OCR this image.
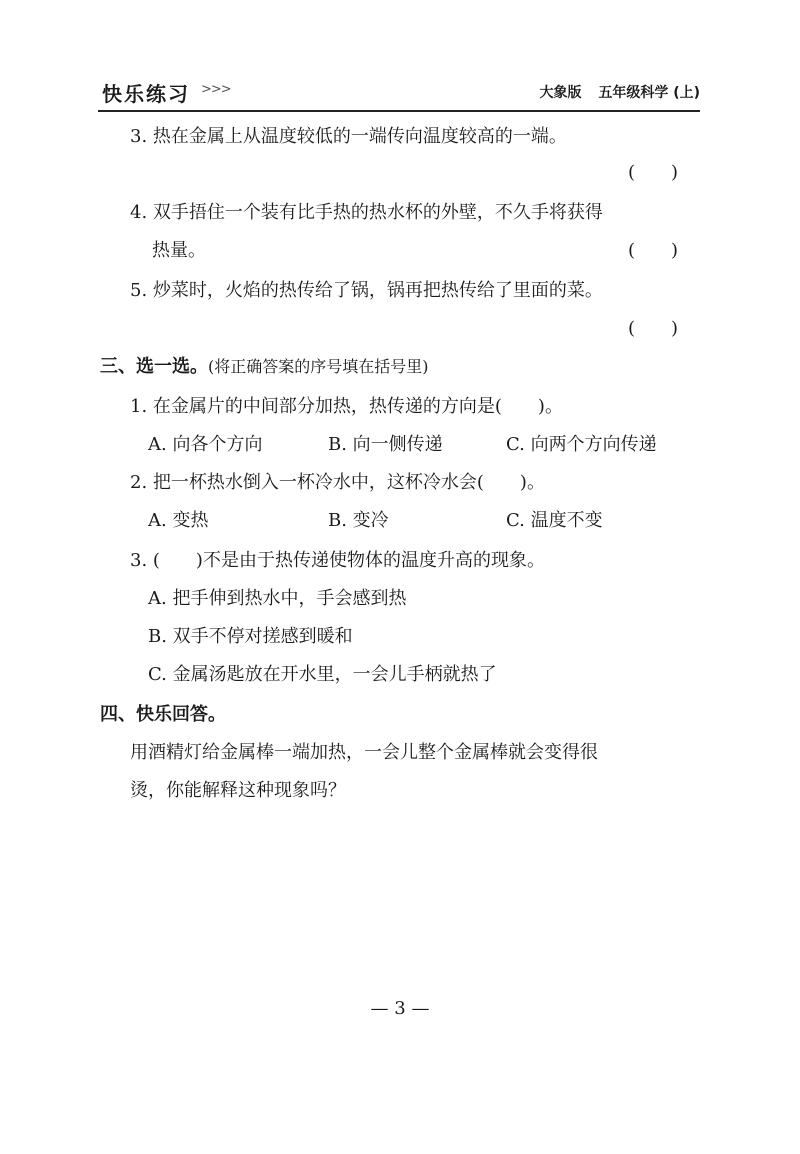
快乐练习 >>>	大象版 五年级科学 (上)
3. 热在金属上从温度较低的一端传向温度较高的一端。
(　　)
4. 双手捂住一个装有比手热的热水杯的外壁，不久手将获得
热量。	(　　)
5. 炒菜时，火焰的热传给了锅，锅再把热传给了里面的菜。
(　　)
三、选一选。(将正确答案的序号填在括号里)
1. 在金属片的中间部分加热，热传递的方向是(　　)。
A. 向各个方向	B. 向一侧传递	C. 向两个方向传递
2. 把一杯热水倒入一杯冷水中，这杯冷水会(　　)。
A. 变热	B. 变冷	C. 温度不变
3. (　　)不是由于热传递使物体的温度升高的现象。
A. 把手伸到热水中，手会感到热
B. 双手不停对搓感到暖和
C. 金属汤匙放在开水里，一会儿手柄就热了
四、快乐回答。
用酒精灯给金属棒一端加热，一会儿整个金属棒就会变得很
烫，你能解释这种现象吗？
— 3 —
